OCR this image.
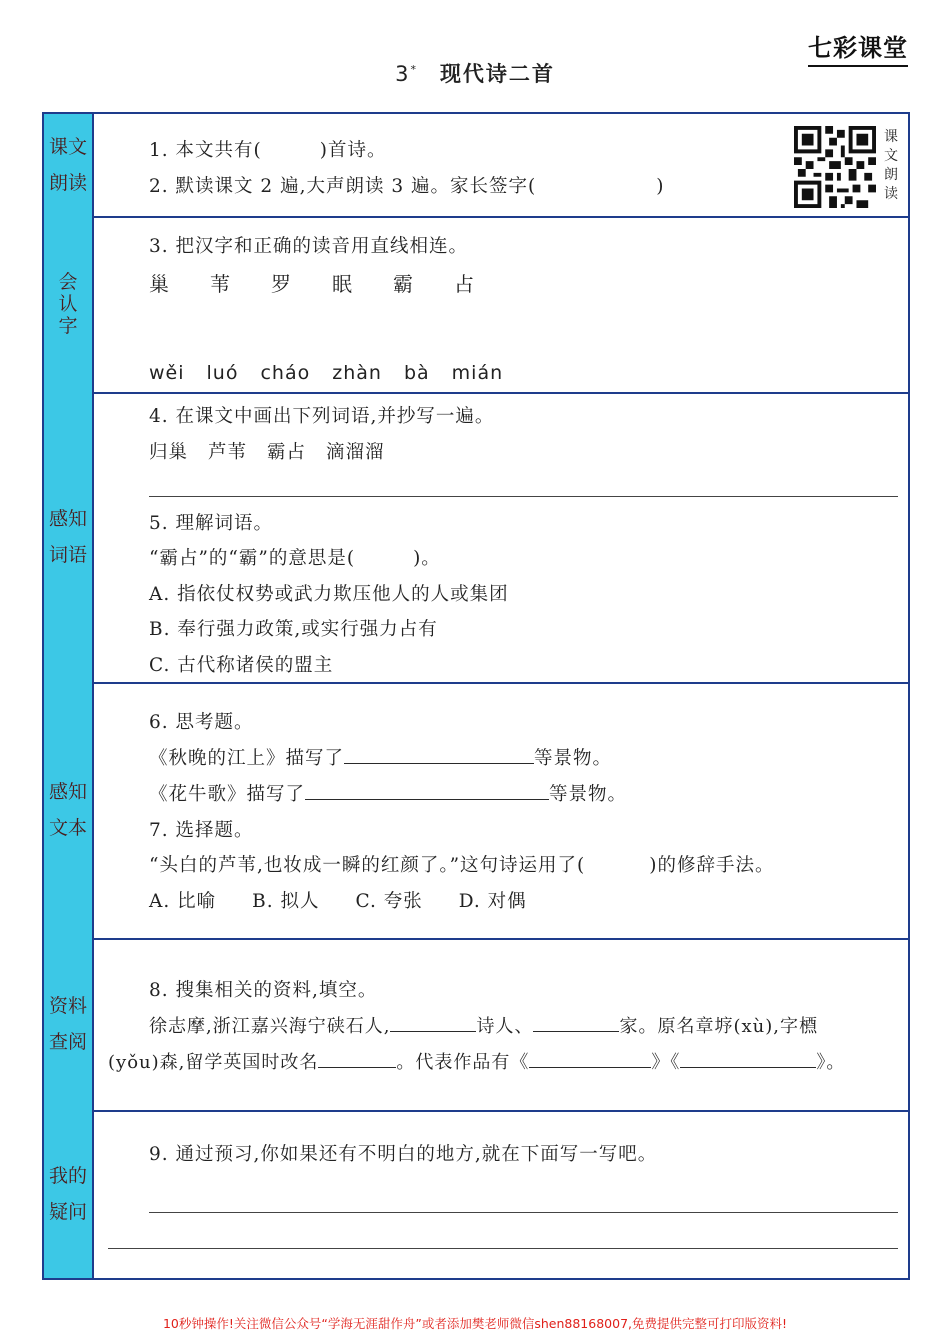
七彩课堂
3* 现代诗二首
课文朗读
1. 本文共有(	)首诗。
2. 默读课文 2 遍,大声朗读 3 遍。家长签字(	)
课文朗读
会认字
3. 把汉字和正确的读音用直线相连。
巢 苇 罗 眠 霸 占
wěi luó cháo zhàn bà mián
感知词语
4. 在课文中画出下列词语,并抄写一遍。
归巢 芦苇 霸占 滴溜溜
5. 理解词语。
“霸占”的“霸”的意思是(	)。
A. 指依仗权势或武力欺压他人的人或集团
B. 奉行强力政策,或实行强力占有
C. 古代称诸侯的盟主
感知文本
6. 思考题。
《秋晚的江上》描写了	等景物。
《花牛歌》描写了	等景物。
7. 选择题。
“头白的芦苇,也妆成一瞬的红颜了。”这句诗运用了(	)的修辞手法。
A. 比喻 B. 拟人 C. 夸张 D. 对偶
资料查阅
8. 搜集相关的资料,填空。
徐志摩,浙江嘉兴海宁硖石人,	诗人、	家。原名章垿(xù),字槱
(yǒu)森,留学英国时改名	。代表作品有《	》《	》。
我的疑问
9. 通过预习,你如果还有不明白的地方,就在下面写一写吧。
10秒钟操作!关注微信公众号“学海无涯甜作舟”或者添加樊老师微信shen88168007,免费提供完整可打印版资料!
